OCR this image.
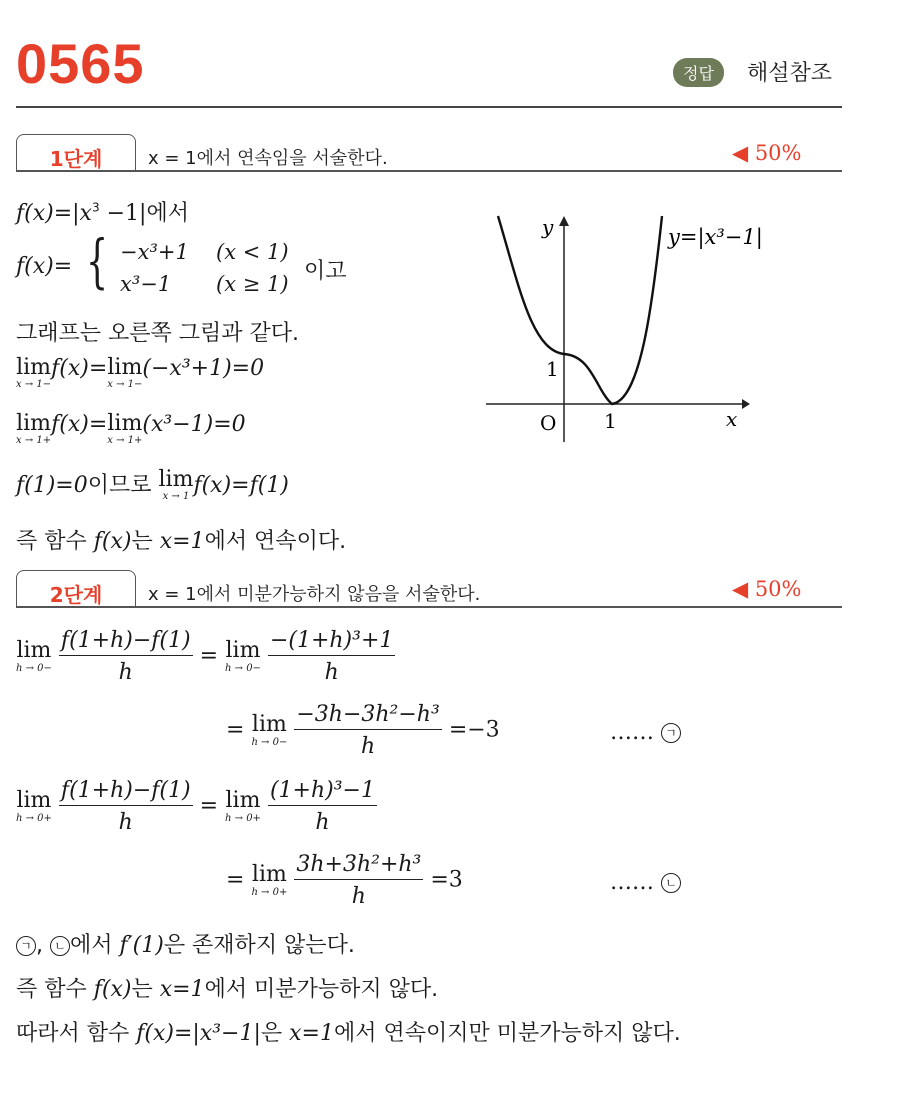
0565	정답	해설참조
1단계	x = 1에서 연속임을 서술한다.	◀ 50%
$f(x)=|x^3 -1|$에서
f(x)= { −x³+1 (x < 1)
x³−1 (x ≥ 1) 이고
그래프는 오른쪽 그림과 같다.
lim
x → 1−
f(x)= lim
x → 1−
(−x³+1)=0
lim
x → 1+
f(x)= lim
x → 1+
(x³−1)=0
f(1)=0이므로 lim
x → 1 f(x)=f(1)
즉 함수 f(x)는 x=1에서 연속이다.
y
x
O 1
1
y=|x³−1|
2단계	x = 1에서 미분가능하지 않음을 서술한다.	◀ 50%
lim
h → 0−
$\frac{f(1+h)-f(1)}{h} = \lim$
h → 0−
$\frac{\text{−(1+h)³+1}}{h}$
= lim
h → 0−
$\frac{\text{−3h−3h²−h³}}{h} =-3$	…… ㄱ
lim
h → 0+
$\frac{f(1+h)-f(1)}{h} = \lim$
h → 0+
$\frac{\text{(1+h)³−1}}{h}$
= lim
h → 0+
$\frac{\text{3h+3h²+h³}}{h} =3$	…… ㄴ
ㄱ , ㄴ 에서 f′(1)은 존재하지 않는다.
즉 함수 f(x)는 x=1에서 미분가능하지 않다.
따라서 함수 f(x)=|x³−1|은 x=1에서 연속이지만 미분가능하지 않다.
